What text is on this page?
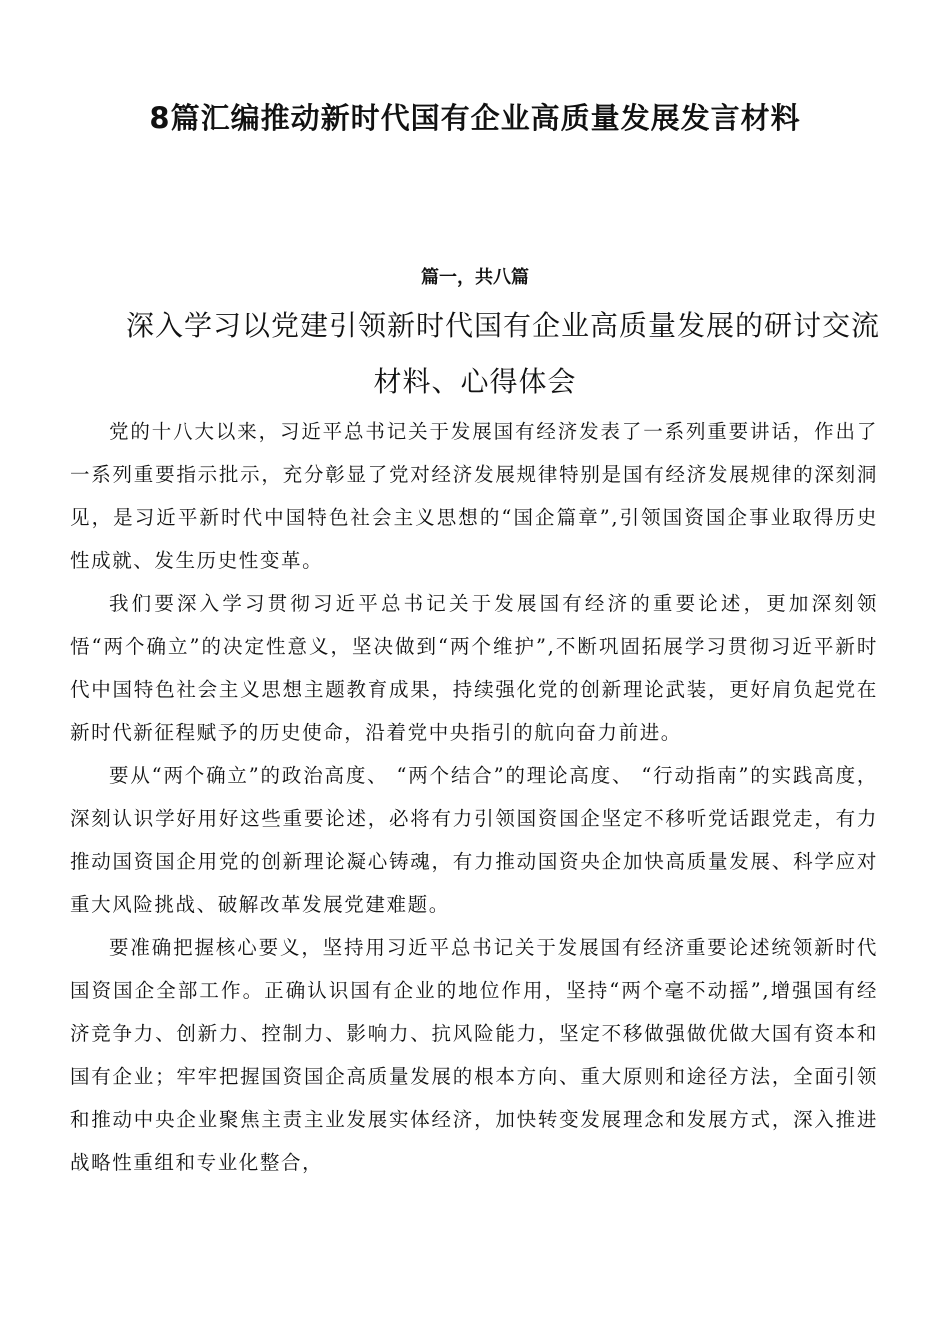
8篇汇编推动新时代国有企业高质量发展发言材料
篇一，共八篇
深入学习以党建引领新时代国有企业高质量发展的研讨交流
材料、心得体会

党的十八大以来，习近平总书记关于发展国有经济发表了一系列重要讲话，作出了一系列重要指示批示，充分彰显了党对经济发展规律特别是国有经济发展规律的深刻洞见，是习近平新时代中国特色社会主义思想的“国企篇章”,引领国资国企事业取得历史性成就、发生历史性变革。

我们要深入学习贯彻习近平总书记关于发展国有经济的重要论述，更加深刻领悟“两个确立”的决定性意义，坚决做到“两个维护”,不断巩固拓展学习贯彻习近平新时代中国特色社会主义思想主题教育成果，持续强化党的创新理论武装，更好肩负起党在新时代新征程赋予的历史使命，沿着党中央指引的航向奋力前进。

要从“两个确立”的政治高度、 “两个结合”的理论高度、 “行动指南”的实践高度，深刻认识学好用好这些重要论述，必将有力引领国资国企坚定不移听党话跟党走，有力推动国资国企用党的创新理论凝心铸魂，有力推动国资央企加快高质量发展、科学应对重大风险挑战、破解改革发展党建难题。

要准确把握核心要义，坚持用习近平总书记关于发展国有经济重要论述统领新时代国资国企全部工作。正确认识国有企业的地位作用，坚持“两个毫不动摇”,增强国有经济竞争力、创新力、控制力、影响力、抗风险能力，坚定不移做强做优做大国有资本和国有企业；牢牢把握国资国企高质量发展的根本方向、重大原则和途径方法，全面引领和推动中央企业聚焦主责主业发展实体经济，加快转变发展理念和发展方式，深入推进战略性重组和专业化整合，
